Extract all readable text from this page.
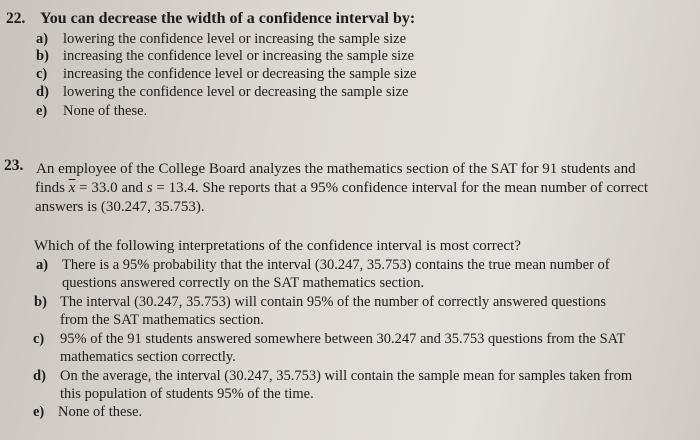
22. You can decrease the width of a confidence interval by:
a) lowering the confidence level or increasing the sample size
b) increasing the confidence level or increasing the sample size
c) increasing the confidence level or decreasing the sample size
d) lowering the confidence level or decreasing the sample size
e) None of these.
23. An employee of the College Board analyzes the mathematics section of the SAT for 91 students and
finds $\overline{x} = 33.0$ and s = 13.4. She reports that a 95% confidence interval for the mean number of correct
answers is (30.247, 35.753).
Which of the following interpretations of the confidence interval is most correct?
a) There is a 95% probability that the interval (30.247, 35.753) contains the true mean number of
questions answered correctly on the SAT mathematics section.
b) The interval (30.247, 35.753) will contain 95% of the number of correctly answered questions
from the SAT mathematics section.
c) 95% of the 91 students answered somewhere between 30.247 and 35.753 questions from the SAT
mathematics section correctly.
d) On the average, the interval (30.247, 35.753) will contain the sample mean for samples taken from
this population of students 95% of the time.
e) None of these.
